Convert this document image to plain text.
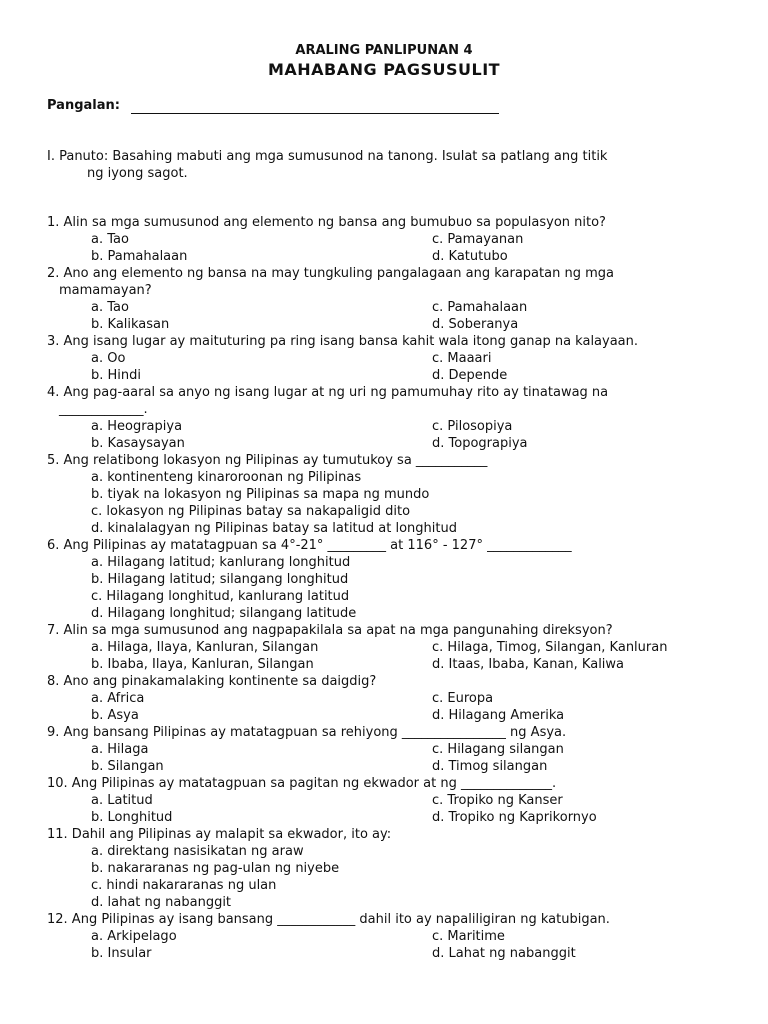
ARALING PANLIPUNAN 4
MAHABANG PAGSUSULIT
Pangalan:
I. Panuto: Basahing mabuti ang mga sumusunod na tanong. Isulat sa patlang ang titik
ng iyong sagot.
1. Alin sa mga sumusunod ang elemento ng bansa ang bumubuo sa populasyon nito?
a. Tao	c. Pamayanan
b. Pamahalaan	d. Katutubo
2. Ano ang elemento ng bansa na may tungkuling pangalagaan ang karapatan ng mga
mamamayan?
a. Tao	c. Pamahalaan
b. Kalikasan	d. Soberanya
3. Ang isang lugar ay maituturing pa ring isang bansa kahit wala itong ganap na kalayaan.
a. Oo	c. Maaari
b. Hindi	d. Depende
4. Ang pag-aaral sa anyo ng isang lugar at ng uri ng pamumuhay rito ay tinatawag na
_____________.
a. Heograpiya	c. Pilosopiya
b. Kasaysayan	d. Topograpiya
5. Ang relatibong lokasyon ng Pilipinas ay tumutukoy sa ___________
a. kontinenteng kinaroroonan ng Pilipinas
b. tiyak na lokasyon ng Pilipinas sa mapa ng mundo
c. lokasyon ng Pilipinas batay sa nakapaligid dito
d. kinalalagyan ng Pilipinas batay sa latitud at longhitud
6. Ang Pilipinas ay matatagpuan sa 4°-21° _________ at 116° - 127° _____________
a. Hilagang latitud; kanlurang longhitud
b. Hilagang latitud; silangang longhitud
c. Hilagang longhitud, kanlurang latitud
d. Hilagang longhitud; silangang latitude
7. Alin sa mga sumusunod ang nagpapakilala sa apat na mga pangunahing direksyon?
a. Hilaga, Ilaya, Kanluran, Silangan	c. Hilaga, Timog, Silangan, Kanluran
b. Ibaba, Ilaya, Kanluran, Silangan	d. Itaas, Ibaba, Kanan, Kaliwa
8. Ano ang pinakamalaking kontinente sa daigdig?
a. Africa	c. Europa
b. Asya	d. Hilagang Amerika
9. Ang bansang Pilipinas ay matatagpuan sa rehiyong ________________ ng Asya.
a. Hilaga	c. Hilagang silangan
b. Silangan	d. Timog silangan
10. Ang Pilipinas ay matatagpuan sa pagitan ng ekwador at ng ______________.
a. Latitud	c. Tropiko ng Kanser
b. Longhitud	d. Tropiko ng Kaprikornyo
11. Dahil ang Pilipinas ay malapit sa ekwador, ito ay:
a. direktang nasisikatan ng araw
b. nakararanas ng pag-ulan ng niyebe
c. hindi nakararanas ng ulan
d. lahat ng nabanggit
12. Ang Pilipinas ay isang bansang ____________ dahil ito ay napaliligiran ng katubigan.
a. Arkipelago	c. Maritime
b. Insular	d. Lahat ng nabanggit
